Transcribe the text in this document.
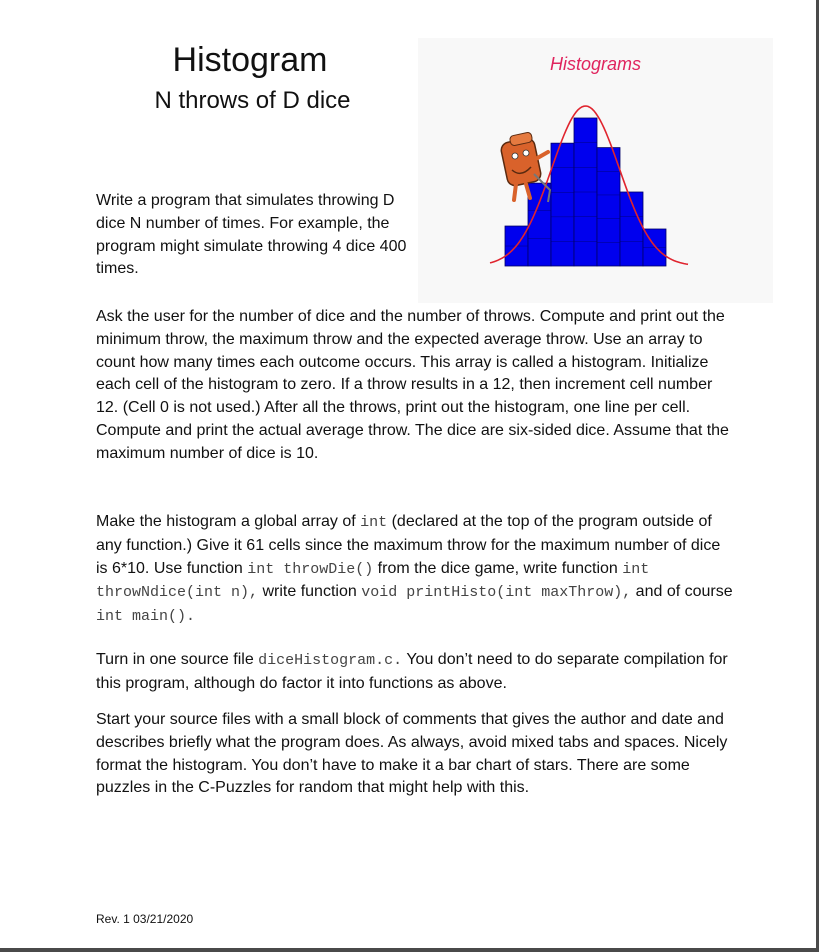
Histogram
N throws of D dice
Histograms

Write a program that simulates throwing D dice N number of times. For example, the program might simulate throwing 4 dice 400 times.

Ask the user for the number of dice and the number of throws. Compute and print out the minimum throw, the maximum throw and the expected average throw. Use an array to count how many times each outcome occurs. This array is called a histogram. Initialize each cell of the histogram to zero. If a throw results in a 12, then increment cell number 12. (Cell 0 is not used.) After all the throws, print out the histogram, one line per cell. Compute and print the actual average throw. The dice are six-sided dice. Assume that the maximum number of dice is 10.

Make the histogram a global array of int (declared at the top of the program outside of any function.) Give it 61 cells since the maximum throw for the maximum number of dice is 6*10. Use function int throwDie() from the dice game, write function int throwNdice(int n), write function void printHisto(int maxThrow), and of course int main().

Turn in one source file diceHistogram.c. You don’t need to do separate compilation for this program, although do factor it into functions as above.

Start your source files with a small block of comments that gives the author and date and describes briefly what the program does. As always, avoid mixed tabs and spaces. Nicely format the histogram. You don’t have to make it a bar chart of stars. There are some puzzles in the C-Puzzles for random that might help with this.

Rev. 1 03/21/2020
